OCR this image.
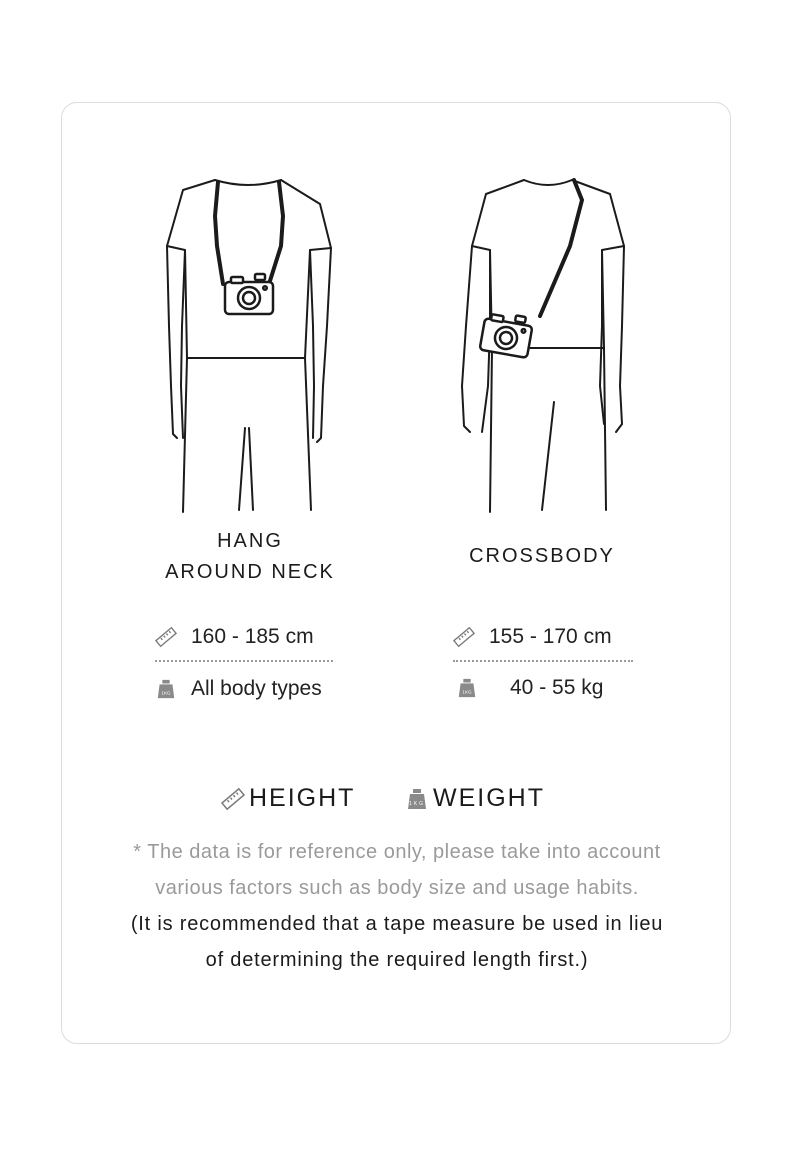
HANG
AROUND NECK
CROSSBODY
160 - 185 cm
1KG All body types
155 - 170 cm
1KG 40 - 55 kg
HEIGHT	1KG WEIGHT
* The data is for reference only, please take into account
various factors such as body size and usage habits.
(It is recommended that a tape measure be used in lieu
of determining the required length first.)
